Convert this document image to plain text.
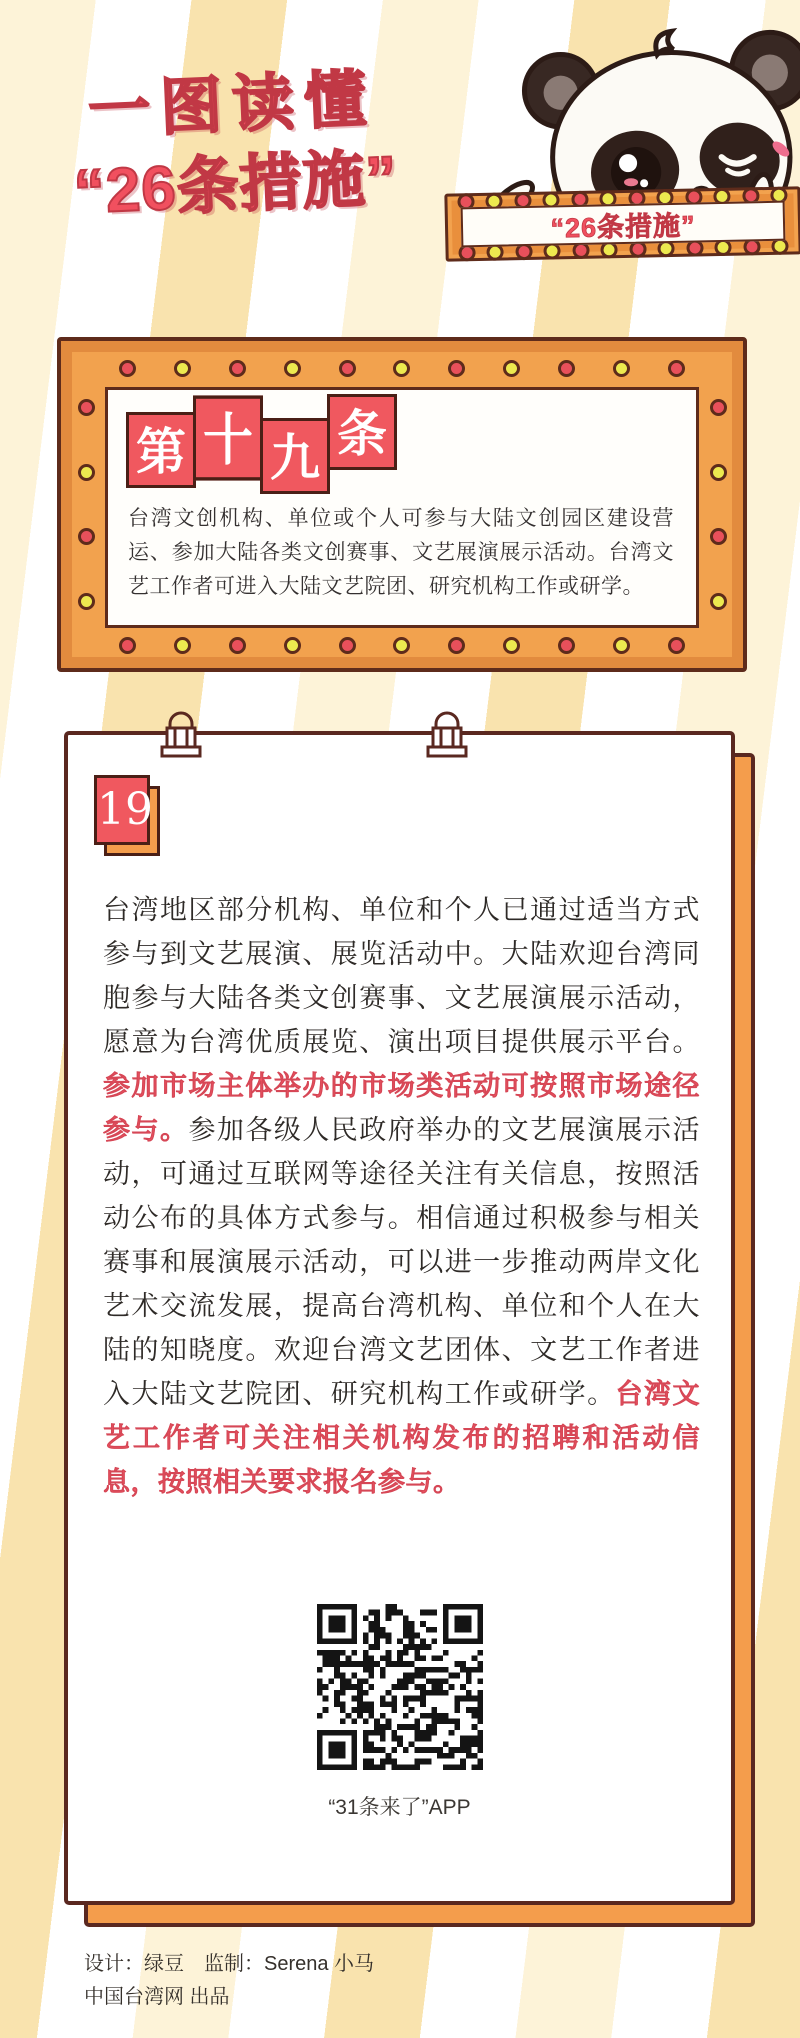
一图读懂
“26条措施”	“26条措施”
第 十 九 条
台湾文创机构、单位或个人可参与大陆文创园区建设营运、参加大陆各类文创赛事、文艺展演展示活动。台湾文艺工作者可进入大陆文艺院团、研究机构工作或研学。
19
台湾地区部分机构、单位和个人已通过适当方式参与到文艺展演、展览活动中。大陆欢迎台湾同胞参与大陆各类文创赛事、文艺展演展示活动，愿意为台湾优质展览、演出项目提供展示平台。参加市场主体举办的市场类活动可按照市场途径参与。参加各级人民政府举办的文艺展演展示活动，可通过互联网等途径关注有关信息，按照活动公布的具体方式参与。相信通过积极参与相关赛事和展演展示活动，可以进一步推动两岸文化艺术交流发展，提高台湾机构、单位和个人在大陆的知晓度。欢迎台湾文艺团体、文艺工作者进入大陆文艺院团、研究机构工作或研学。台湾文艺工作者可关注相关机构发布的招聘和活动信息，按照相关要求报名参与。
“31条来了”APP
设计：绿豆　监制：Serena 小马
中国台湾网 出品
